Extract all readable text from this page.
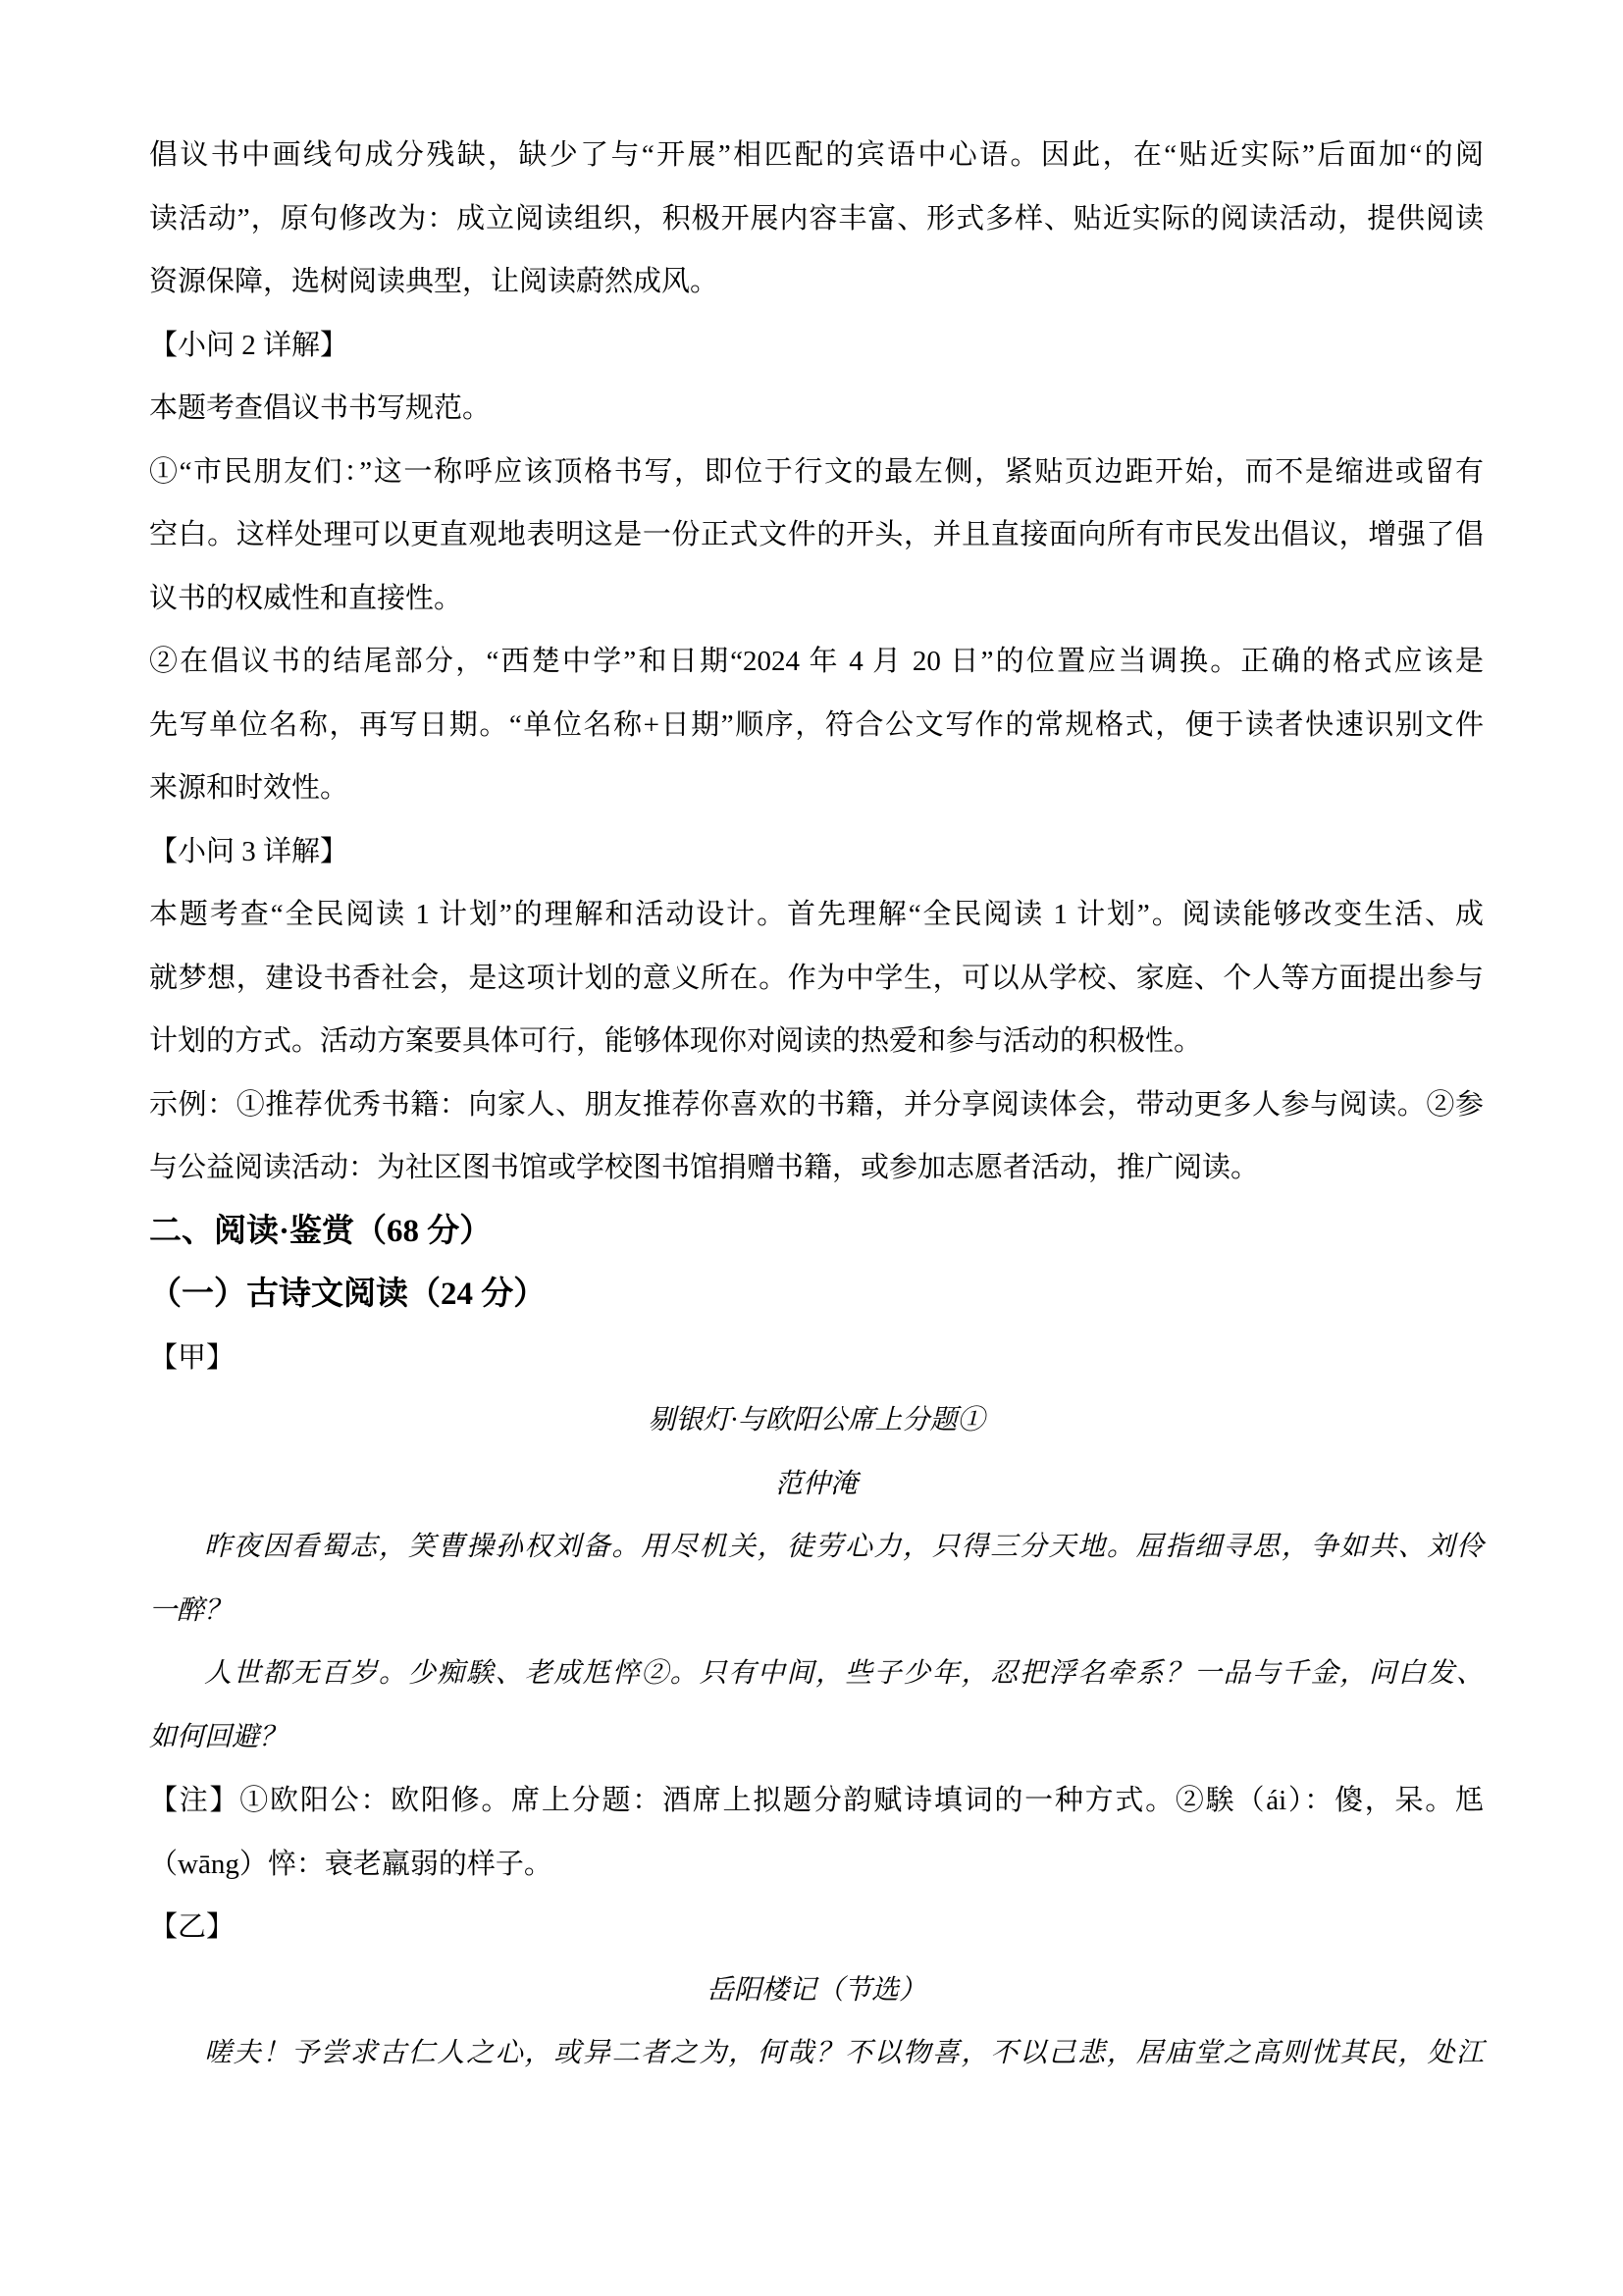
倡议书中画线句成分残缺，缺少了与“开展”相匹配的宾语中心语。因此，在“贴近实际”后面加“的阅
读活动”，原句修改为：成立阅读组织，积极开展内容丰富、形式多样、贴近实际的阅读活动，提供阅读
资源保障，选树阅读典型，让阅读蔚然成风。
【小问 2 详解】
本题考查倡议书书写规范。
①“市民朋友们：”这一称呼应该顶格书写，即位于行文的最左侧，紧贴页边距开始，而不是缩进或留有
空白。这样处理可以更直观地表明这是一份正式文件的开头，并且直接面向所有市民发出倡议，增强了倡
议书的权威性和直接性。
②在倡议书的结尾部分，“西楚中学”和日期“2024 年 4 月 20 日”的位置应当调换。正确的格式应该是
先写单位名称，再写日期。“单位名称+日期”顺序，符合公文写作的常规格式，便于读者快速识别文件
来源和时效性。
【小问 3 详解】
本题考查“全民阅读 1 计划”的理解和活动设计。首先理解“全民阅读 1 计划”。阅读能够改变生活、成
就梦想，建设书香社会，是这项计划的意义所在。作为中学生，可以从学校、家庭、个人等方面提出参与
计划的方式。活动方案要具体可行，能够体现你对阅读的热爱和参与活动的积极性。
示例：①推荐优秀书籍：向家人、朋友推荐你喜欢的书籍，并分享阅读体会，带动更多人参与阅读。②参
与公益阅读活动：为社区图书馆或学校图书馆捐赠书籍，或参加志愿者活动，推广阅读。
二、阅读·鉴赏（68 分）
（一）古诗文阅读（24 分）
【甲】
剔银灯·与欧阳公席上分题①
范仲淹
昨夜因看蜀志，笑曹操孙权刘备。用尽机关，徒劳心力，只得三分天地。屈指细寻思，争如共、刘伶
一醉？
人世都无百岁。少痴騃、老成尪悴②。只有中间，些子少年，忍把浮名牵系？一品与千金，问白发、
如何回避？
【注】①欧阳公：欧阳修。席上分题：酒席上拟题分韵赋诗填词的一种方式。②騃（ái）：傻，呆。尪
（wāng）悴：衰老羸弱的样子。
【乙】
岳阳楼记（节选）
嗟夫！予尝求古仁人之心，或异二者之为，何哉？不以物喜，不以己悲，居庙堂之高则忧其民，处江
